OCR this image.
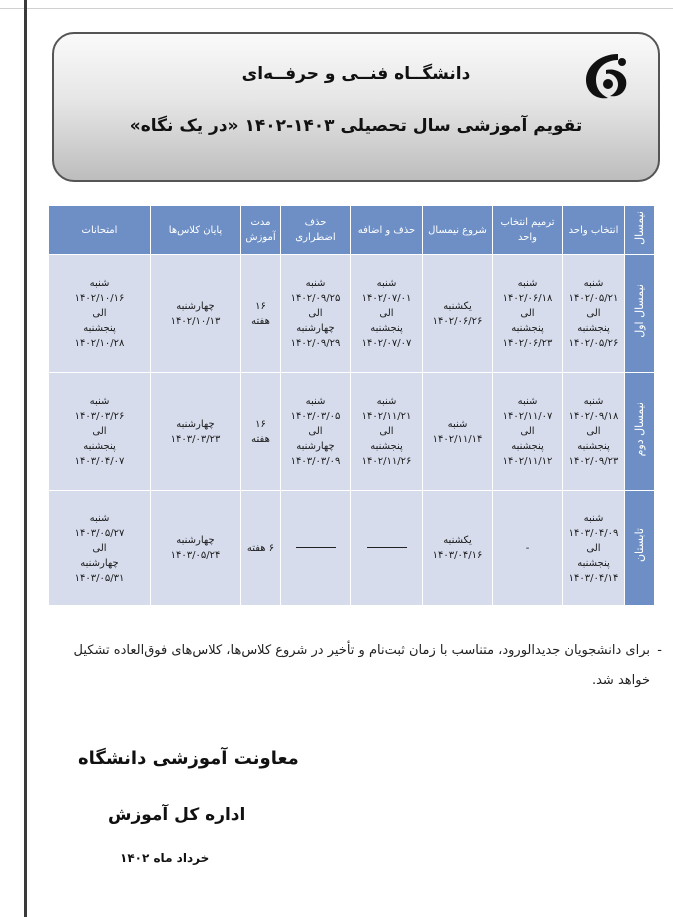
دانشگــاه فنــی و حرفــه‌ای
تقویم آموزشی سال تحصیلی ۱۴۰۳-۱۴۰۲ «در یک نگاه»
نیمسال	انتخاب واحد	ترمیم انتخاب واحد	شروع نیمسال	حذف و اضافه	حذف اضطراری	مدت آموزش	پایان کلاس‌ها	امتحانات
نیمسال اول	شنبه
۱۴۰۲/۰۵/۲۱
الی
پنجشنبه
۱۴۰۲/۰۵/۲۶	شنبه
۱۴۰۲/۰۶/۱۸
الی
پنجشنبه
۱۴۰۲/۰۶/۲۳	یکشنبه
۱۴۰۲/۰۶/۲۶	شنبه
۱۴۰۲/۰۷/۰۱
الی
پنجشنبه
۱۴۰۲/۰۷/۰۷	شنبه
۱۴۰۲/۰۹/۲۵
الی
چهارشنبه
۱۴۰۲/۰۹/۲۹	۱۶
هفته	چهارشنبه
۱۴۰۲/۱۰/۱۳	شنبه
۱۴۰۲/۱۰/۱۶
الی
پنجشنبه
۱۴۰۲/۱۰/۲۸
نیمسال دوم	شنبه
۱۴۰۲/۰۹/۱۸
الی
پنجشنبه
۱۴۰۲/۰۹/۲۳	شنبه
۱۴۰۲/۱۱/۰۷
الی
پنجشنبه
۱۴۰۲/۱۱/۱۲	شنبه
۱۴۰۲/۱۱/۱۴	شنبه
۱۴۰۲/۱۱/۲۱
الی
پنجشنبه
۱۴۰۲/۱۱/۲۶	شنبه
۱۴۰۳/۰۳/۰۵
الی
چهارشنبه
۱۴۰۳/۰۳/۰۹	۱۶
هفته	چهارشنبه
۱۴۰۳/۰۳/۲۳	شنبه
۱۴۰۳/۰۳/۲۶
الی
پنجشنبه
۱۴۰۳/۰۴/۰۷
تابستان	شنبه
۱۴۰۳/۰۴/۰۹
الی
پنجشنبه
۱۴۰۳/۰۴/۱۴	-	یکشنبه
۱۴۰۳/۰۴/۱۶			۶ هفته	چهارشنبه
۱۴۰۳/۰۵/۲۴	شنبه
۱۴۰۳/۰۵/۲۷
الی
چهارشنبه
۱۴۰۳/۰۵/۳۱
-
برای دانشجویان جدیدالورود، متناسب با زمان ثبت‌نام و تأخیر در شروع کلاس‌ها، کلاس‌های فوق‌العاده تشکیل خواهد شد.
معاونت آموزشی دانشگاه
اداره کل آموزش
خرداد ماه ۱۴۰۲
